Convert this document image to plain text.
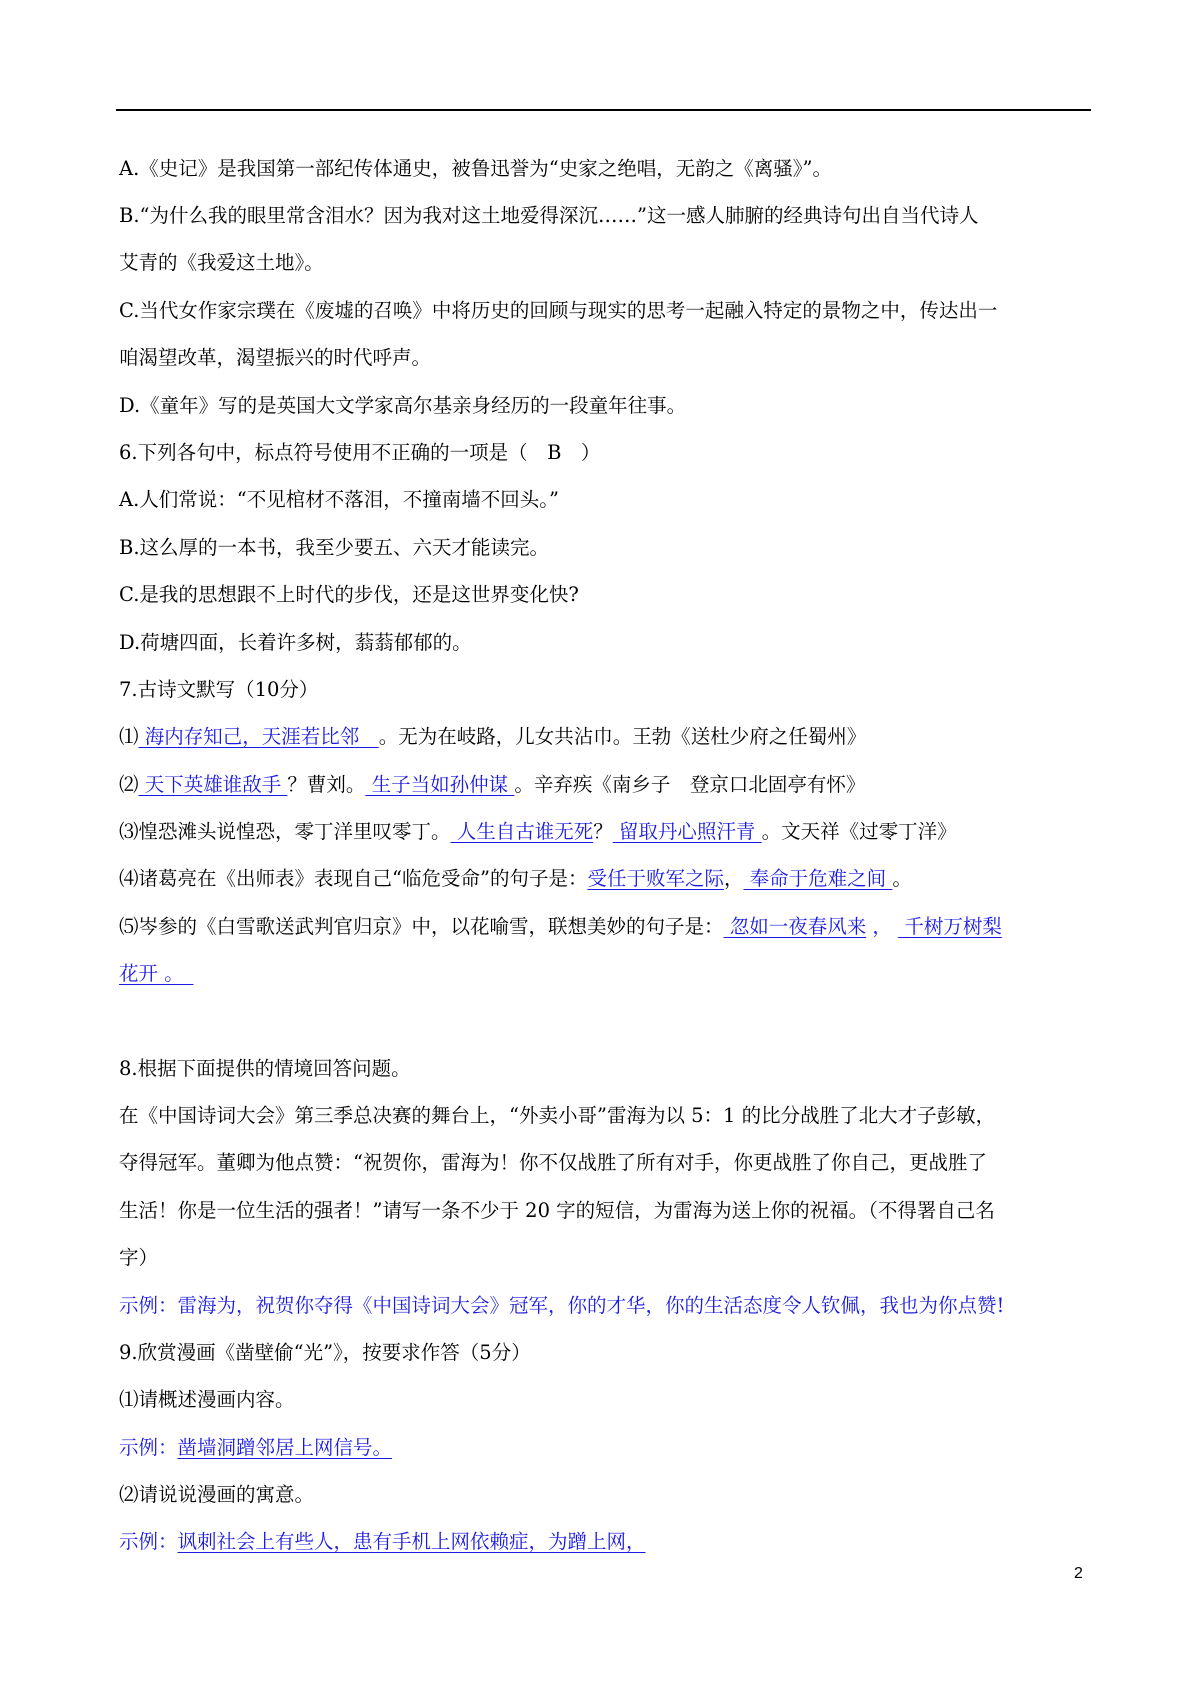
A.《史记》是我国第一部纪传体通史，被鲁迅誉为“史家之绝唱，无韵之《离骚》”。
B.“为什么我的眼里常含泪水？因为我对这土地爱得深沉……”这一感人肺腑的经典诗句出自当代诗人
艾青的《我爱这土地》。
C.当代女作家宗璞在《废墟的召唤》中将历史的回顾与现实的思考一起融入特定的景物之中，传达出一
咱渴望改革，渴望振兴的时代呼声。
D.《童年》写的是英国大文学家高尔基亲身经历的一段童年往事。
6.下列各句中，标点符号使用不正确的一项是（　B　）
A.人们常说：“不见棺材不落泪，不撞南墙不回头。”
B.这么厚的一本书，我至少要五、六天才能读完。
C.是我的思想跟不上时代的步伐，还是这世界变化快?
D.荷塘四面，长着许多树，蓊蓊郁郁的。
7.古诗文默写（10分）
⑴ 海内存知己，天涯若比邻　。无为在岐路，儿女共沾巾。王勃《送杜少府之任蜀州》
⑵ 天下英雄谁敌手 ？曹刘。 生子当如孙仲谋 。辛弃疾《南乡子　登京口北固亭有怀》
⑶惶恐滩头说惶恐，零丁洋里叹零丁。 人生自古谁无死？ 留取丹心照汗青 。文天祥《过零丁洋》
⑷诸葛亮在《出师表》表现自己“临危受命”的句子是：受任于败军之际， 奉命于危难之间 。
⑸岑参的《白雪歌送武判官归京》中，以花喻雪，联想美妙的句子是： 忽如一夜春风来 ，  千树万树梨
花开 。　
8.根据下面提供的情境回答问题。
在《中国诗词大会》第三季总决赛的舞台上，“外卖小哥”雷海为以 5：1 的比分战胜了北大才子彭敏，
夺得冠军。董卿为他点赞：“祝贺你，雷海为！你不仅战胜了所有对手，你更战胜了你自己，更战胜了
生活！你是一位生活的强者！”请写一条不少于 20 字的短信，为雷海为送上你的祝福。（不得署自己名
字）
示例：雷海为，祝贺你夺得《中国诗词大会》冠军，你的才华，你的生活态度令人钦佩，我也为你点赞!
9.欣赏漫画《凿壁偷“光”》，按要求作答（5分）
⑴请概述漫画内容。
示例：凿墙洞蹭邻居上网信号。
⑵请说说漫画的寓意。
示例：讽刺社会上有些人，患有手机上网依赖症，为蹭上网，
2
